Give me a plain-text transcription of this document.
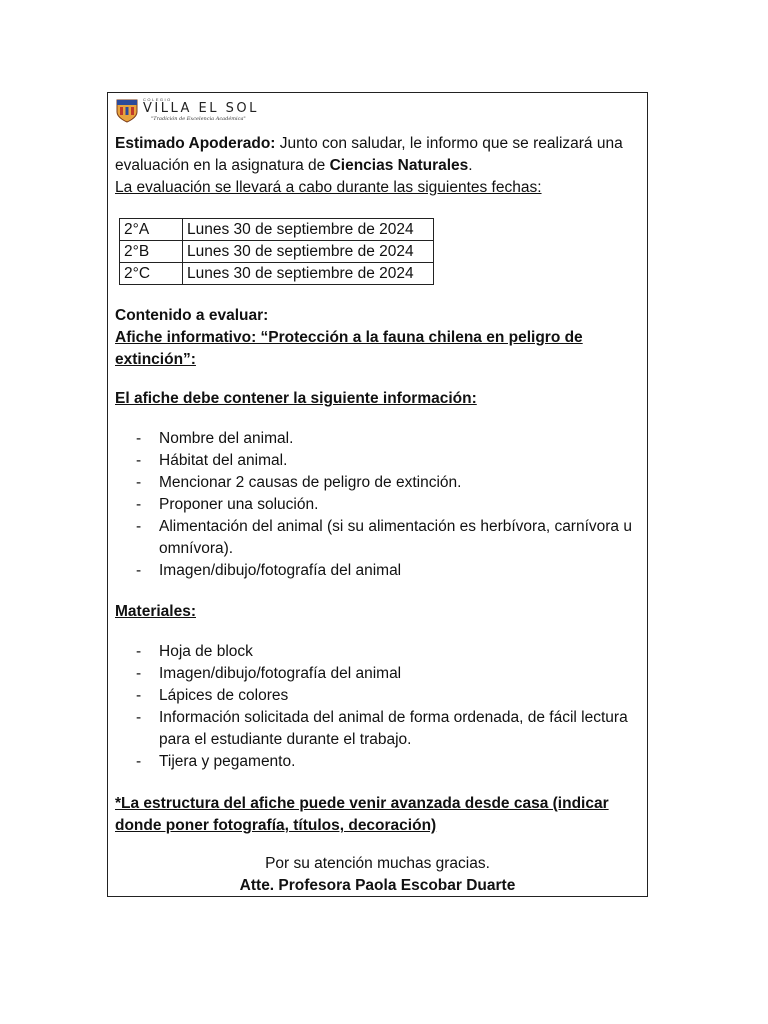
COLEGIO
VILLA EL SOL
"Tradición de Excelencia Académica"
Estimado Apoderado: Junto con saludar, le informo que se realizará una evaluación en la asignatura de Ciencias Naturales.
La evaluación se llevará a cabo durante las siguientes fechas:
2°A	Lunes 30 de septiembre de 2024
2°B	Lunes 30 de septiembre de 2024
2°C	Lunes 30 de septiembre de 2024
Contenido a evaluar:
Afiche informativo: “Protección a la fauna chilena en peligro de extinción”:
El afiche debe contener la siguiente información:
- Nombre del animal.
- Hábitat del animal.
- Mencionar 2 causas de peligro de extinción.
- Proponer una solución.
- Alimentación del animal (si su alimentación es herbívora, carnívora u omnívora).
- Imagen/dibujo/fotografía del animal
Materiales:
- Hoja de block
- Imagen/dibujo/fotografía del animal
- Lápices de colores
- Información solicitada del animal de forma ordenada, de fácil lectura para el estudiante durante el trabajo.
- Tijera y pegamento.
*La estructura del afiche puede venir avanzada desde casa (indicar donde poner fotografía, títulos, decoración)
Por su atención muchas gracias.
Atte. Profesora Paola Escobar Duarte
